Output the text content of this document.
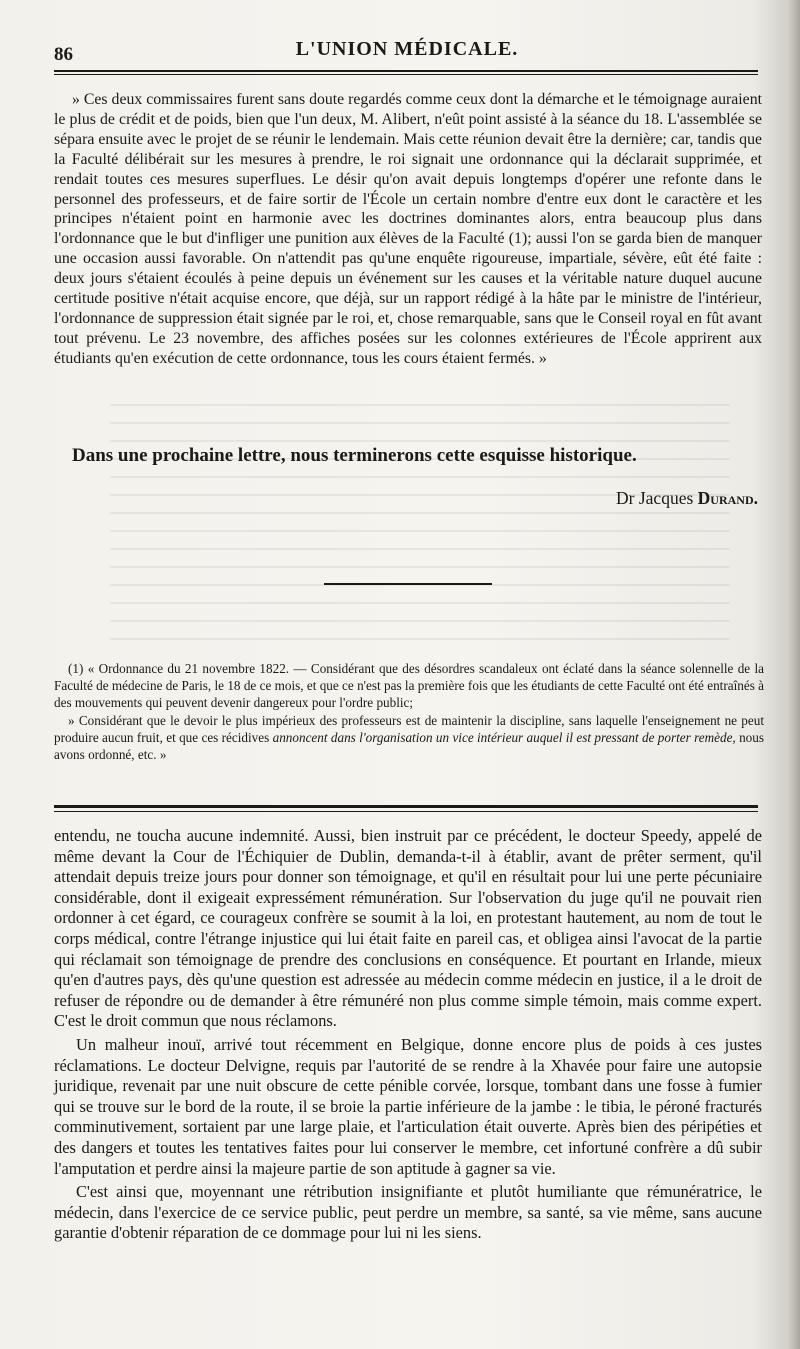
86	L'UNION MÉDICALE.

» Ces deux commissaires furent sans doute regardés comme ceux dont la démarche et le témoignage auraient le plus de crédit et de poids, bien que l'un deux, M. Alibert, n'eût point assisté à la séance du 18. L'assemblée se sépara ensuite avec le projet de se réunir le lendemain. Mais cette réunion devait être la dernière; car, tandis que la Faculté délibérait sur les mesures à prendre, le roi signait une ordonnance qui la déclarait supprimée, et rendait toutes ces mesures superflues. Le désir qu'on avait depuis longtemps d'opérer une refonte dans le personnel des professeurs, et de faire sortir de l'École un certain nombre d'entre eux dont le caractère et les principes n'étaient point en harmonie avec les doctrines dominantes alors, entra beaucoup plus dans l'ordonnance que le but d'infliger une punition aux élèves de la Faculté (1); aussi l'on se garda bien de manquer une occasion aussi favorable. On n'attendit pas qu'une enquête rigoureuse, impartiale, sévère, eût été faite : deux jours s'étaient écoulés à peine depuis un événement sur les causes et la véritable nature duquel aucune certitude positive n'était acquise encore, que déjà, sur un rapport rédigé à la hâte par le ministre de l'intérieur, l'ordonnance de suppression était signée par le roi, et, chose remarquable, sans que le Conseil royal en fût avant tout prévenu. Le 23 novembre, des affiches posées sur les colonnes extérieures de l'École apprirent aux étudiants qu'en exécution de cette ordonnance, tous les cours étaient fermés. »

Dans une prochaine lettre, nous terminerons cette esquisse historique.

Dr Jacques Durand.

(1) « Ordonnance du 21 novembre 1822. — Considérant que des désordres scandaleux ont éclaté dans la séance solennelle de la Faculté de médecine de Paris, le 18 de ce mois, et que ce n'est pas la première fois que les étudiants de cette Faculté ont été entraînés à des mouvements qui peuvent devenir dangereux pour l'ordre public;

» Considérant que le devoir le plus impérieux des professeurs est de maintenir la discipline, sans laquelle l'enseignement ne peut produire aucun fruit, et que ces récidives annoncent dans l'organisation un vice intérieur auquel il est pressant de porter remède, nous avons ordonné, etc. »

entendu, ne toucha aucune indemnité. Aussi, bien instruit par ce précédent, le docteur Speedy, appelé de même devant la Cour de l'Échiquier de Dublin, demanda-t-il à établir, avant de prêter serment, qu'il attendait depuis treize jours pour donner son témoignage, et qu'il en résultait pour lui une perte pécuniaire considérable, dont il exigeait expressément rémunération. Sur l'observation du juge qu'il ne pouvait rien ordonner à cet égard, ce courageux confrère se soumit à la loi, en protestant hautement, au nom de tout le corps médical, contre l'étrange injustice qui lui était faite en pareil cas, et obligea ainsi l'avocat de la partie qui réclamait son témoignage de prendre des conclusions en conséquence. Et pourtant en Irlande, mieux qu'en d'autres pays, dès qu'une question est adressée au médecin comme médecin en justice, il a le droit de refuser de répondre ou de demander à être rémunéré non plus comme simple témoin, mais comme expert. C'est le droit commun que nous réclamons.

Un malheur inouï, arrivé tout récemment en Belgique, donne encore plus de poids à ces justes réclamations. Le docteur Delvigne, requis par l'autorité de se rendre à la Xhavée pour faire une autopsie juridique, revenait par une nuit obscure de cette pénible corvée, lorsque, tombant dans une fosse à fumier qui se trouve sur le bord de la route, il se broie la partie inférieure de la jambe : le tibia, le péroné fracturés comminutivement, sortaient par une large plaie, et l'articulation était ouverte. Après bien des péripéties et des dangers et toutes les tentatives faites pour lui conserver le membre, cet infortuné confrère a dû subir l'amputation et perdre ainsi la majeure partie de son aptitude à gagner sa vie.

C'est ainsi que, moyennant une rétribution insignifiante et plutôt humiliante que rémunératrice, le médecin, dans l'exercice de ce service public, peut perdre un membre, sa santé, sa vie même, sans aucune garantie d'obtenir réparation de ce dommage pour lui ni les siens.
